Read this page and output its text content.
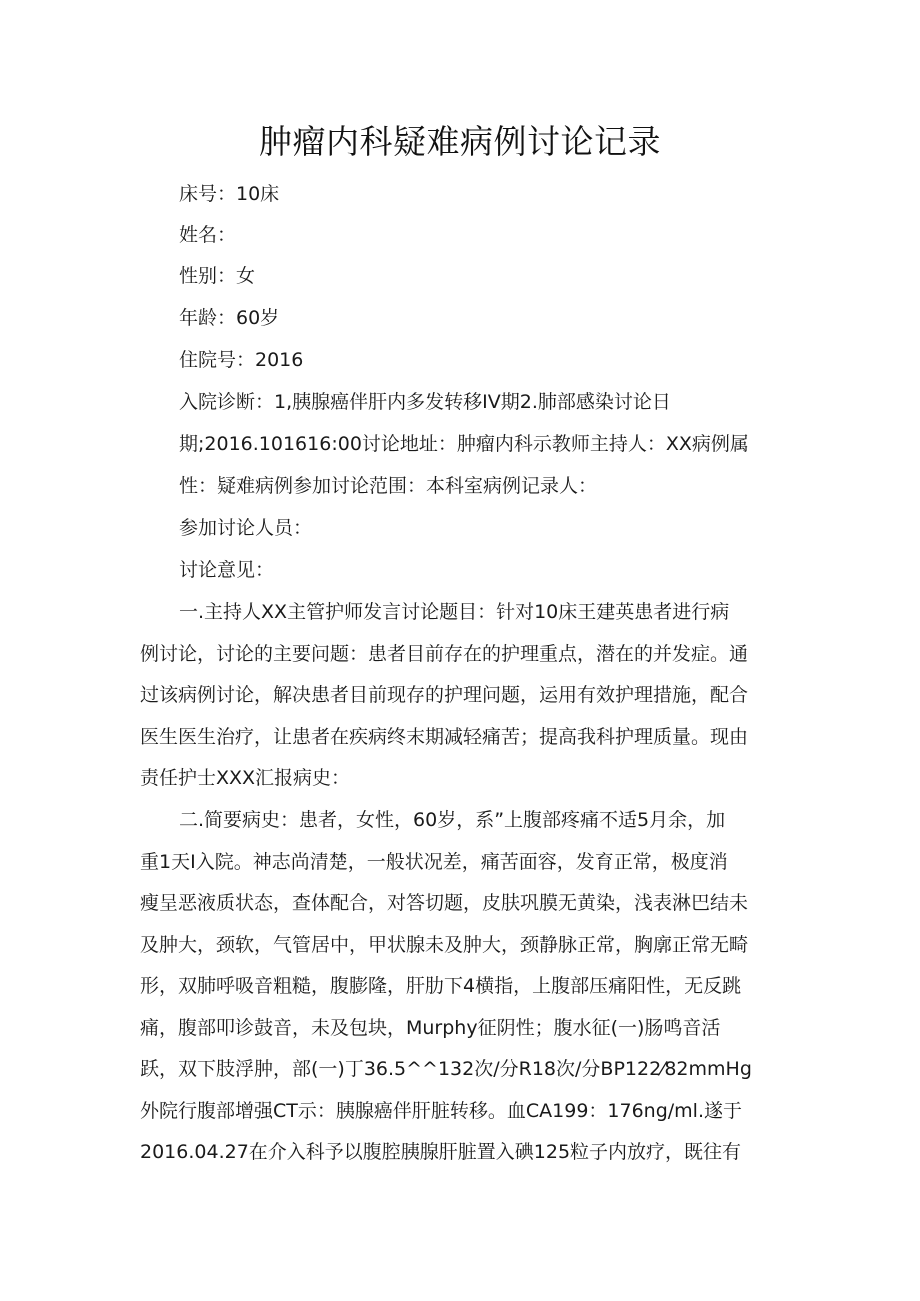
肿瘤内科疑难病例讨论记录
床号：10床
姓名：
性别：女
年龄：60岁
住院号：2016
入院诊断：1,胰腺癌伴肝内多发转移IV期2.肺部感染讨论日
期;2016.101616:00讨论地址：肿瘤内科示教师主持人：XX病例属
性：疑难病例参加讨论范围：本科室病例记录人：
参加讨论人员：
讨论意见：
一.主持人XX主管护师发言讨论题目：针对10床王建英患者进行病
例讨论，讨论的主要问题：患者目前存在的护理重点，潜在的并发症。通
过该病例讨论，解决患者目前现存的护理问题，运用有效护理措施，配合
医生医生治疗，让患者在疾病终末期减轻痛苦；提高我科护理质量。现由
责任护士XXX汇报病史：
二.简要病史：患者，女性，60岁，系”上腹部疼痛不适5月余，加
重1天I入院。神志尚清楚，一般状况差，痛苦面容，发育正常，极度消
瘦呈恶液质状态，查体配合，对答切题，皮肤巩膜无黄染，浅表淋巴结未
及肿大，颈软，气管居中，甲状腺未及肿大，颈静脉正常，胸廓正常无畸
形，双肺呼吸音粗糙，腹膨隆，肝肋下4横指，上腹部压痛阳性，无反跳
痛，腹部叩诊鼓音，未及包块，Murphy征阴性；腹水征(一)肠鸣音活
跃，双下肢浮肿，部(一)丁36.5^^132次/分R18次/分BP122⁄82mmHg
外院行腹部增强CT示：胰腺癌伴肝脏转移。血CA199：176ng/ml.遂于
2016.04.27在介入科予以腹腔胰腺肝脏置入碘125粒子内放疗，既往有
